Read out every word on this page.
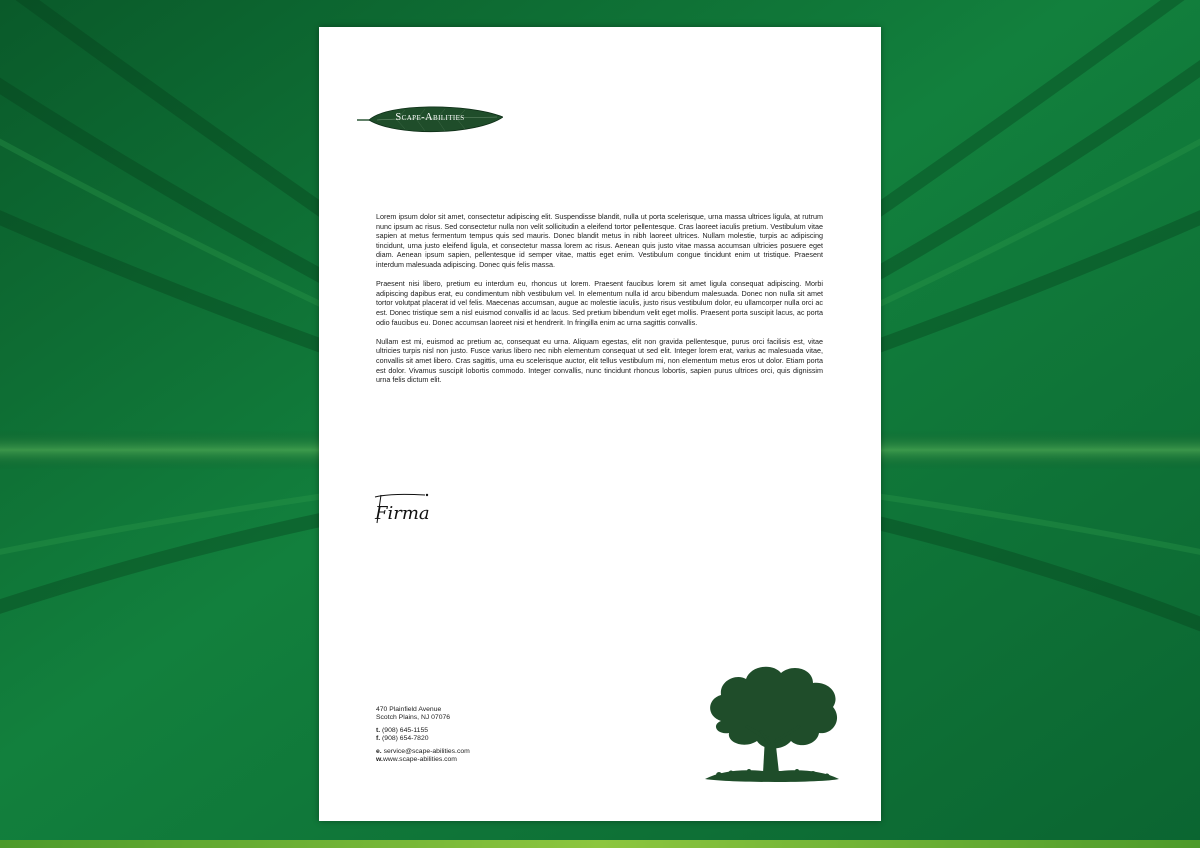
Scape-Abilities

Lorem ipsum dolor sit amet, consectetur adipiscing elit. Suspendisse blandit, nulla ut porta scelerisque, urna massa ultrices ligula, at rutrum nunc ipsum ac risus. Sed consectetur nulla non velit sollicitudin a eleifend tortor pellentesque. Cras laoreet iaculis pretium. Vestibulum vitae sapien at metus fermentum tempus quis sed mauris. Donec blandit metus in nibh laoreet ultrices. Nullam molestie, turpis ac adipiscing tincidunt, urna justo eleifend ligula, et consectetur massa lorem ac risus. Aenean quis justo vitae massa accumsan ultricies posuere eget diam. Aenean ipsum sapien, pellentesque id semper vitae, mattis eget enim. Vestibulum congue tincidunt enim ut tristique. Praesent interdum malesuada adipiscing. Donec quis felis massa.

Praesent nisi libero, pretium eu interdum eu, rhoncus ut lorem. Praesent faucibus lorem sit amet ligula consequat adipiscing. Morbi adipiscing dapibus erat, eu condimentum nibh vestibulum vel. In elementum nulla id arcu bibendum malesuada. Donec non nulla sit amet tortor volutpat placerat id vel felis. Maecenas accumsan, augue ac molestie iaculis, justo risus vestibulum dolor, eu ullamcorper nulla orci ac est. Donec tristique sem a nisl euismod convallis id ac lacus. Sed pretium bibendum velit eget mollis. Praesent porta suscipit lacus, ac porta odio faucibus eu. Donec accumsan laoreet nisi et hendrerit. In fringilla enim ac urna sagittis convallis.

Nullam est mi, euismod ac pretium ac, consequat eu urna. Aliquam egestas, elit non gravida pellentesque, purus orci facilisis est, vitae ultricies turpis nisl non justo. Fusce varius libero nec nibh elementum consequat ut sed elit. Integer lorem erat, varius ac malesuada vitae, convallis sit amet libero. Cras sagittis, urna eu scelerisque auctor, elit tellus vestibulum mi, non elementum metus eros ut dolor. Etiam porta est dolor. Vivamus suscipit lobortis commodo. Integer convallis, nunc tincidunt rhoncus lobortis, sapien purus ultrices orci, quis dignissim urna felis dictum elit.

Firma
470 Plainfield Avenue
Scotch Plains, NJ 07076
t. (908) 645-1155
f. (908) 654-7820
e. service@scape-abilities.com
w.www.scape-abilities.com
